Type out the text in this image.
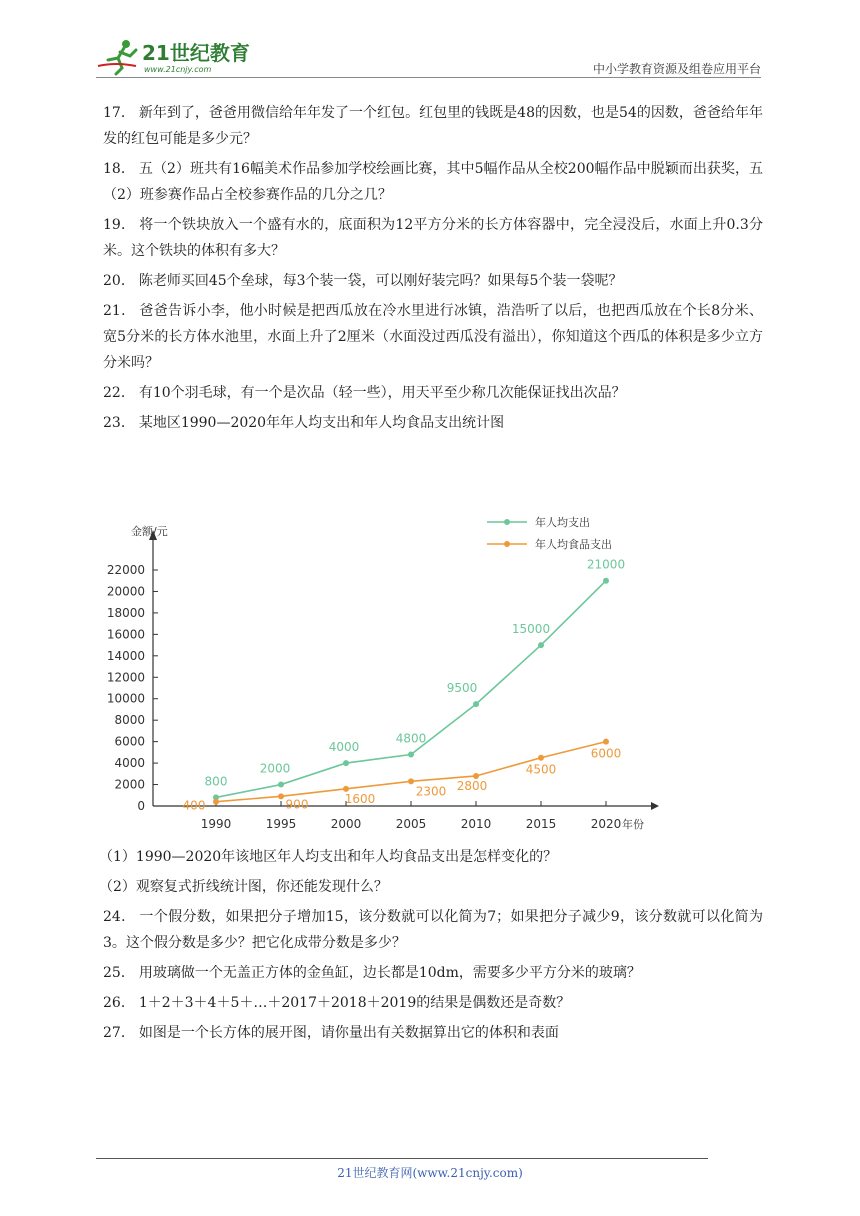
21世纪教育
www.21cnjy.com	中小学教育资源及组卷应用平台

17． 新年到了，爸爸用微信给年年发了一个红包。红包里的钱既是48的因数，也是54的因数，爸爸给年年发的红包可能是多少元？

18． 五（2）班共有16幅美术作品参加学校绘画比赛，其中5幅作品从全校200幅作品中脱颖而出获奖，五（2）班参赛作品占全校参赛作品的几分之几？

19． 将一个铁块放入一个盛有水的，底面积为12平方分米的长方体容器中，完全浸没后，水面上升0.3分米。这个铁块的体积有多大？

20． 陈老师买回45个垒球，每3个装一袋，可以刚好装完吗？如果每5个装一袋呢？

21． 爸爸告诉小李，他小时候是把西瓜放在冷水里进行冰镇，浩浩听了以后，也把西瓜放在个长8分米、宽5分米的长方体水池里，水面上升了2厘米（水面没过西瓜没有溢出），你知道这个西瓜的体积是多少立方分米吗？

22． 有10个羽毛球，有一个是次品（轻一些），用天平至少称几次能保证找出次品？

23． 某地区1990—2020年年人均支出和年人均食品支出统计图

金额/元
0
2000
4000
6000
8000
10000
12000
14000
16000
18000
20000
22000
1990	1995	2000	2005	2010	2015	2020 年份
800
2000
4000
4800
9500
15000
21000
400	900	1600
2300 2800
4500
6000
年人均支出
年人均食品支出

（1）1990—2020年该地区年人均支出和年人均食品支出是怎样变化的？

（2）观察复式折线统计图，你还能发现什么？

24． 一个假分数，如果把分子增加15，该分数就可以化简为7；如果把分子减少9，该分数就可以化简为3。这个假分数是多少？把它化成带分数是多少？

25． 用玻璃做一个无盖正方体的金鱼缸，边长都是10dm，需要多少平方分米的玻璃？

26． 1＋2＋3＋4＋5＋…＋2017＋2018＋2019的结果是偶数还是奇数？

27． 如图是一个长方体的展开图，请你量出有关数据算出它的体积和表面

21世纪教育网(www.21cnjy.com)
